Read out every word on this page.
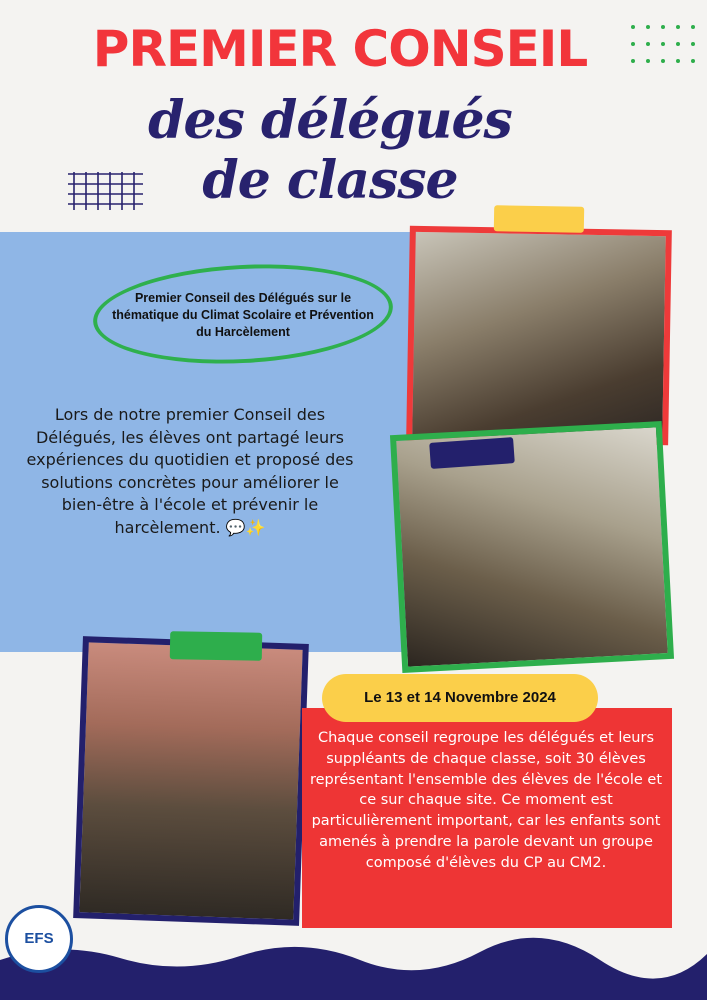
PREMIER CONSEIL
des délégués
de classe
Premier Conseil des Délégués sur le thématique du Climat Scolaire et Prévention du Harcèlement
Lors de notre premier Conseil des Délégués, les élèves ont partagé leurs expériences du quotidien et proposé des solutions concrètes pour améliorer le bien-être à l'école et prévenir le harcèlement. 💬✨
Le 13 et 14 Novembre 2024
Chaque conseil regroupe les délégués et leurs suppléants de chaque classe, soit 30 élèves représentant l'ensemble des élèves de l'école et ce sur chaque site. Ce moment est particulièrement important, car les enfants sont amenés à prendre la parole devant un groupe composé d'élèves du CP au CM2.
EFS
